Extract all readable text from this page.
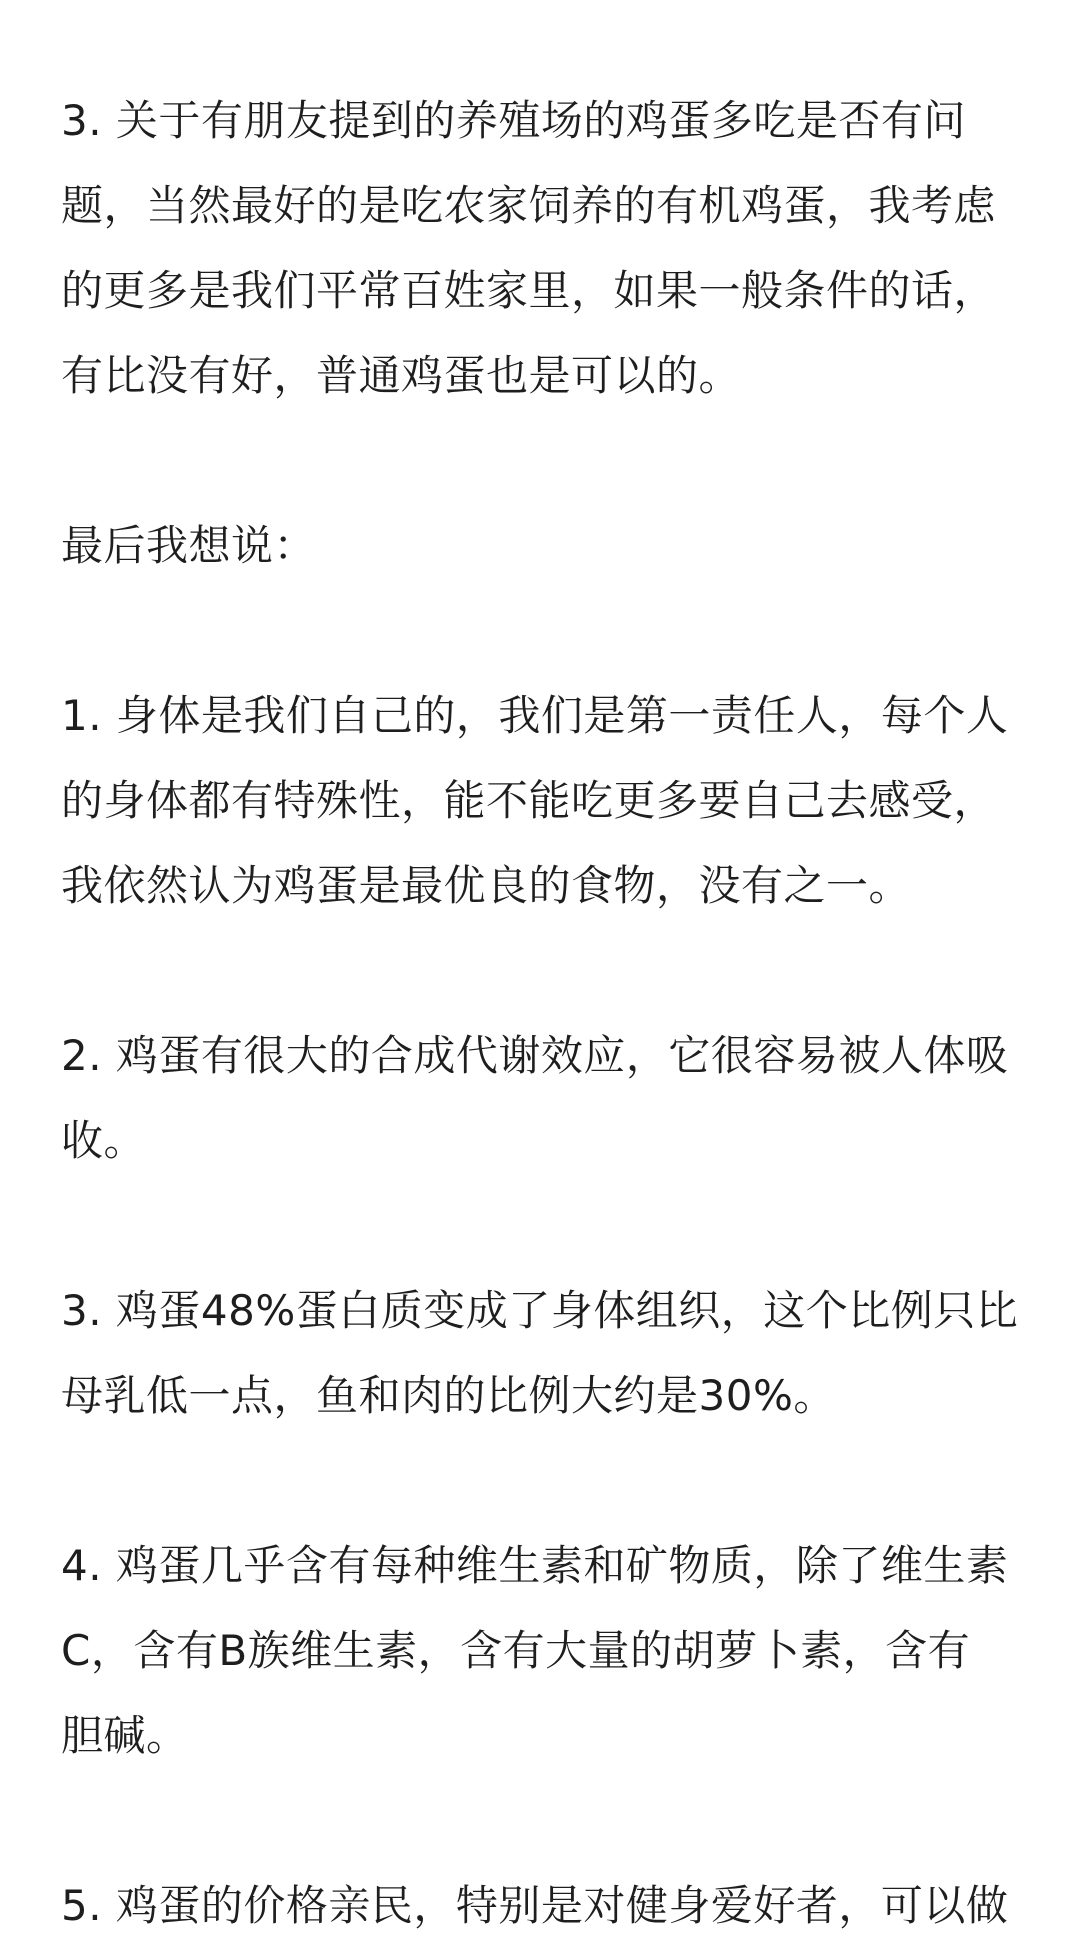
3. 关于有朋友提到的养殖场的鸡蛋多吃是否有问
题，当然最好的是吃农家饲养的有机鸡蛋，我考虑
的更多是我们平常百姓家里，如果一般条件的话，
有比没有好，普通鸡蛋也是可以的。

最后我想说：

1. 身体是我们自己的，我们是第一责任人，每个人
的身体都有特殊性，能不能吃更多要自己去感受，
我依然认为鸡蛋是最优良的食物，没有之一。

2. 鸡蛋有很大的合成代谢效应，它很容易被人体吸
收。

3. 鸡蛋48%蛋白质变成了身体组织，这个比例只比
母乳低一点，鱼和肉的比例大约是30%。

4. 鸡蛋几乎含有每种维生素和矿物质，除了维生素
C，含有B族维生素，含有大量的胡萝卜素，含有
胆碱。

5. 鸡蛋的价格亲民，特别是对健身爱好者，可以做
